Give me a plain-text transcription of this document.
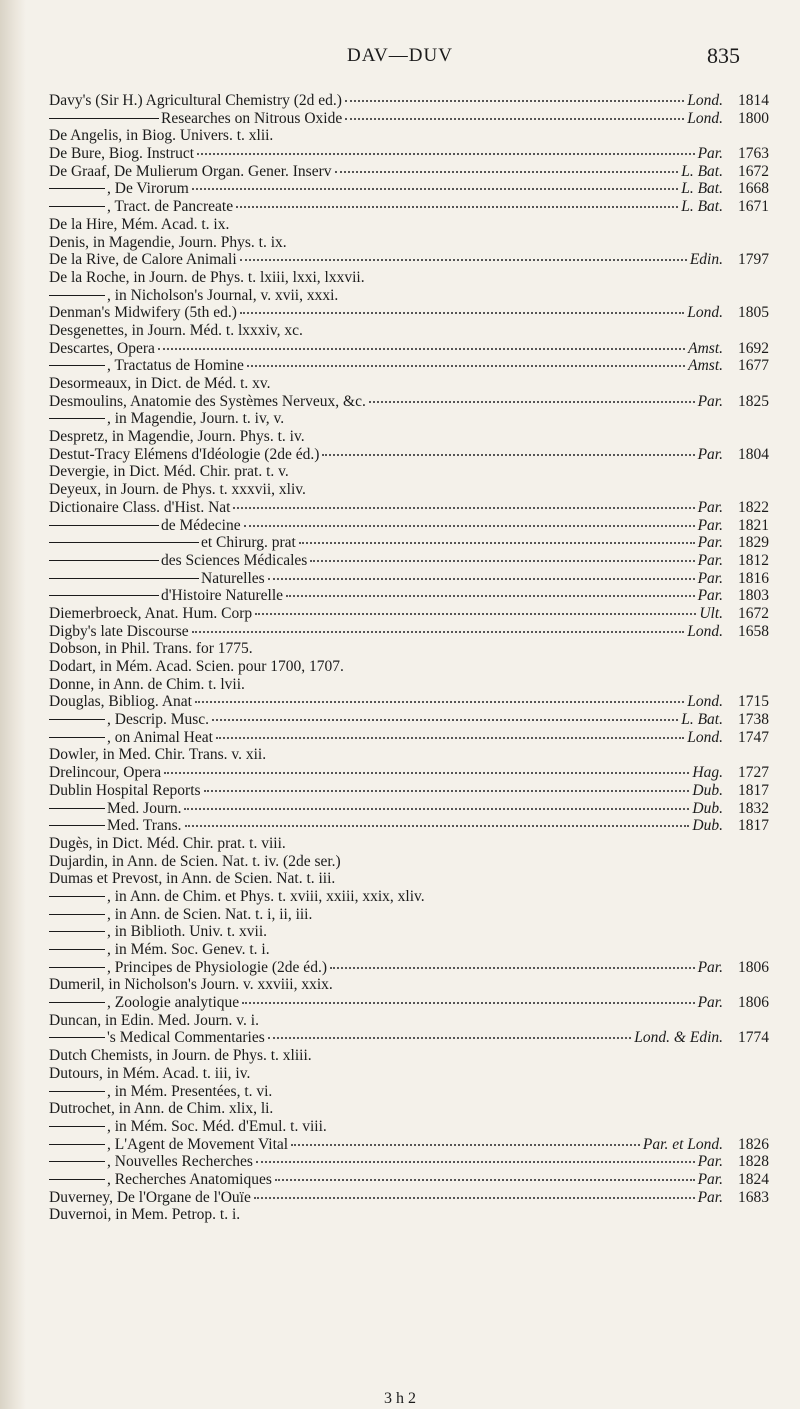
DAV—DUV	835
Davy's (Sir H.) Agricultural Chemistry (2d ed.)	Lond. 1814
Researches on Nitrous Oxide	Lond. 1800
De Angelis, in Biog. Univers. t. xlii.
De Bure, Biog. Instruct	Par. 1763
De Graaf, De Mulierum Organ. Gener. Inserv	L. Bat. 1672
, De Virorum	L. Bat. 1668
, Tract. de Pancreate	L. Bat. 1671
De la Hire, Mém. Acad. t. ix.
Denis, in Magendie, Journ. Phys. t. ix.
De la Rive, de Calore Animali	Edin. 1797
De la Roche, in Journ. de Phys. t. lxiii, lxxi, lxxvii.
, in Nicholson's Journal, v. xvii, xxxi.
Denman's Midwifery (5th ed.)	Lond. 1805
Desgenettes, in Journ. Méd. t. lxxxiv, xc.
Descartes, Opera	Amst. 1692
, Tractatus de Homine	Amst. 1677
Desormeaux, in Dict. de Méd. t. xv.
Desmoulins, Anatomie des Systèmes Nerveux, &c.	Par. 1825
, in Magendie, Journ. t. iv, v.
Despretz, in Magendie, Journ. Phys. t. iv.
Destut-Tracy Elémens d'Idéologie (2de éd.)	Par. 1804
Devergie, in Dict. Méd. Chir. prat. t. v.
Deyeux, in Journ. de Phys. t. xxxvii, xliv.
Dictionaire Class. d'Hist. Nat	Par. 1822
de Médecine	Par. 1821
et Chirurg. prat	Par. 1829
des Sciences Médicales	Par. 1812
Naturelles	Par. 1816
d'Histoire Naturelle	Par. 1803
Diemerbroeck, Anat. Hum. Corp	Ult. 1672
Digby's late Discourse	Lond. 1658
Dobson, in Phil. Trans. for 1775.
Dodart, in Mém. Acad. Scien. pour 1700, 1707.
Donne, in Ann. de Chim. t. lvii.
Douglas, Bibliog. Anat	Lond. 1715
, Descrip. Musc.	L. Bat. 1738
, on Animal Heat	Lond. 1747
Dowler, in Med. Chir. Trans. v. xii.
Drelincour, Opera	Hag. 1727
Dublin Hospital Reports	Dub. 1817
Med. Journ.	Dub. 1832
Med. Trans.	Dub. 1817
Dugès, in Dict. Méd. Chir. prat. t. viii.
Dujardin, in Ann. de Scien. Nat. t. iv. (2de ser.)
Dumas et Prevost, in Ann. de Scien. Nat. t. iii.
, in Ann. de Chim. et Phys. t. xviii, xxiii, xxix, xliv.
, in Ann. de Scien. Nat. t. i, ii, iii.
, in Biblioth. Univ. t. xvii.
, in Mém. Soc. Genev. t. i.
, Principes de Physiologie (2de éd.)	Par. 1806
Dumeril, in Nicholson's Journ. v. xxviii, xxix.
, Zoologie analytique	Par. 1806
Duncan, in Edin. Med. Journ. v. i.
's Medical Commentaries	Lond. & Edin. 1774
Dutch Chemists, in Journ. de Phys. t. xliii.
Dutours, in Mém. Acad. t. iii, iv.
, in Mém. Presentées, t. vi.
Dutrochet, in Ann. de Chim. xlix, li.
, in Mém. Soc. Méd. d'Emul. t. viii.
, L'Agent de Movement Vital	Par. et Lond. 1826
, Nouvelles Recherches	Par. 1828
, Recherches Anatomiques	Par. 1824
Duverney, De l'Organe de l'Ouïe	Par. 1683
Duvernoi, in Mem. Petrop. t. i.
3 h 2
